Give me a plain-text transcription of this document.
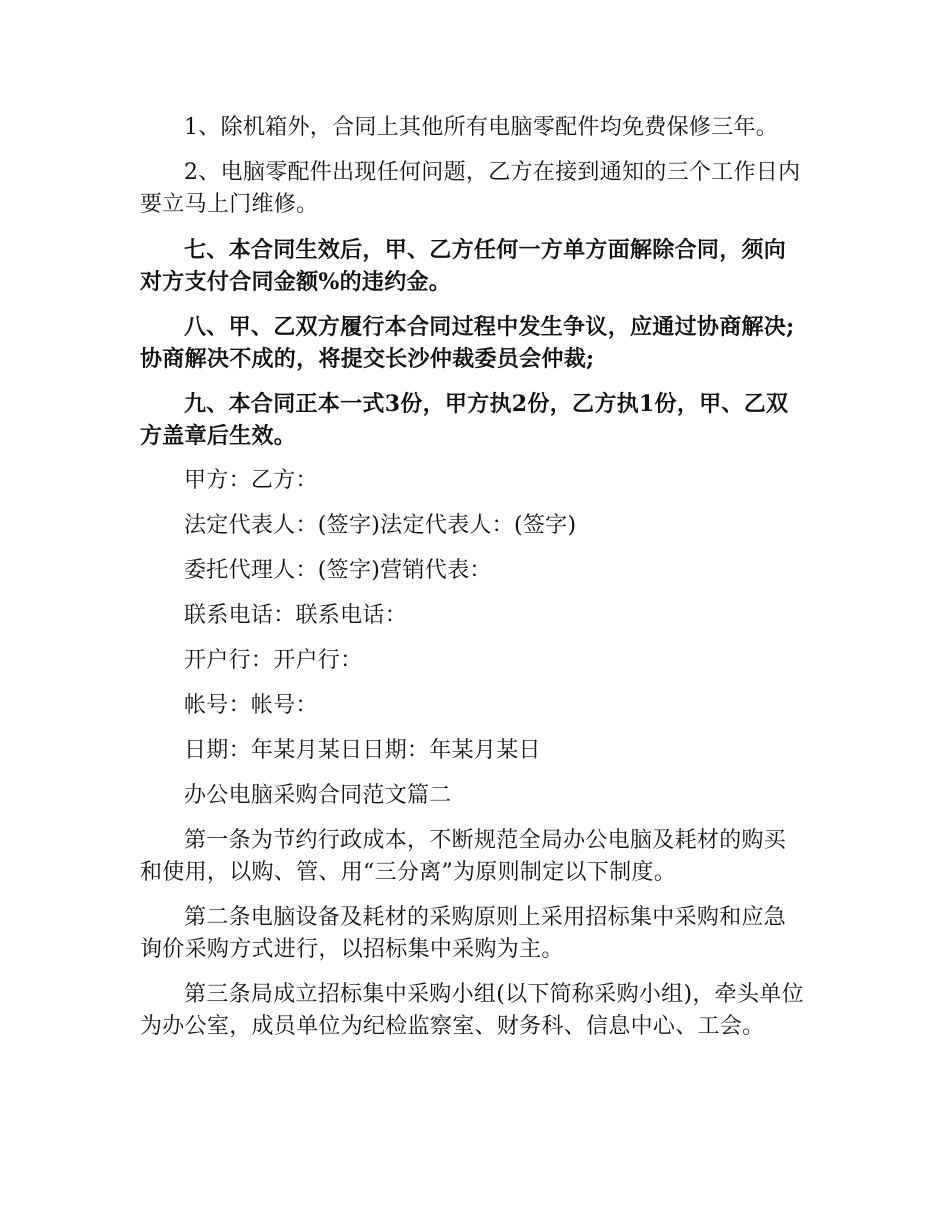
1、除机箱外，合同上其他所有电脑零配件均免费保修三年。

2、电脑零配件出现任何问题，乙方在接到通知的三个工作日内要立马上门维修。

七、本合同生效后，甲、乙方任何一方单方面解除合同，须向对方支付合同金额%的违约金。

八、甲、乙双方履行本合同过程中发生争议，应通过协商解决;协商解决不成的，将提交长沙仲裁委员会仲裁;

九、本合同正本一式3份，甲方执2份，乙方执1份，甲、乙双方盖章后生效。

甲方：乙方：

法定代表人：(签字)法定代表人：(签字)

委托代理人：(签字)营销代表：

联系电话：联系电话：

开户行：开户行：

帐号：帐号：

日期：年某月某日日期：年某月某日

办公电脑采购合同范文篇二

第一条为节约行政成本，不断规范全局办公电脑及耗材的购买和使用，以购、管、用“三分离”为原则制定以下制度。

第二条电脑设备及耗材的采购原则上采用招标集中采购和应急询价采购方式进行，以招标集中采购为主。

第三条局成立招标集中采购小组(以下简称采购小组)，牵头单位为办公室，成员单位为纪检监察室、财务科、信息中心、工会。
